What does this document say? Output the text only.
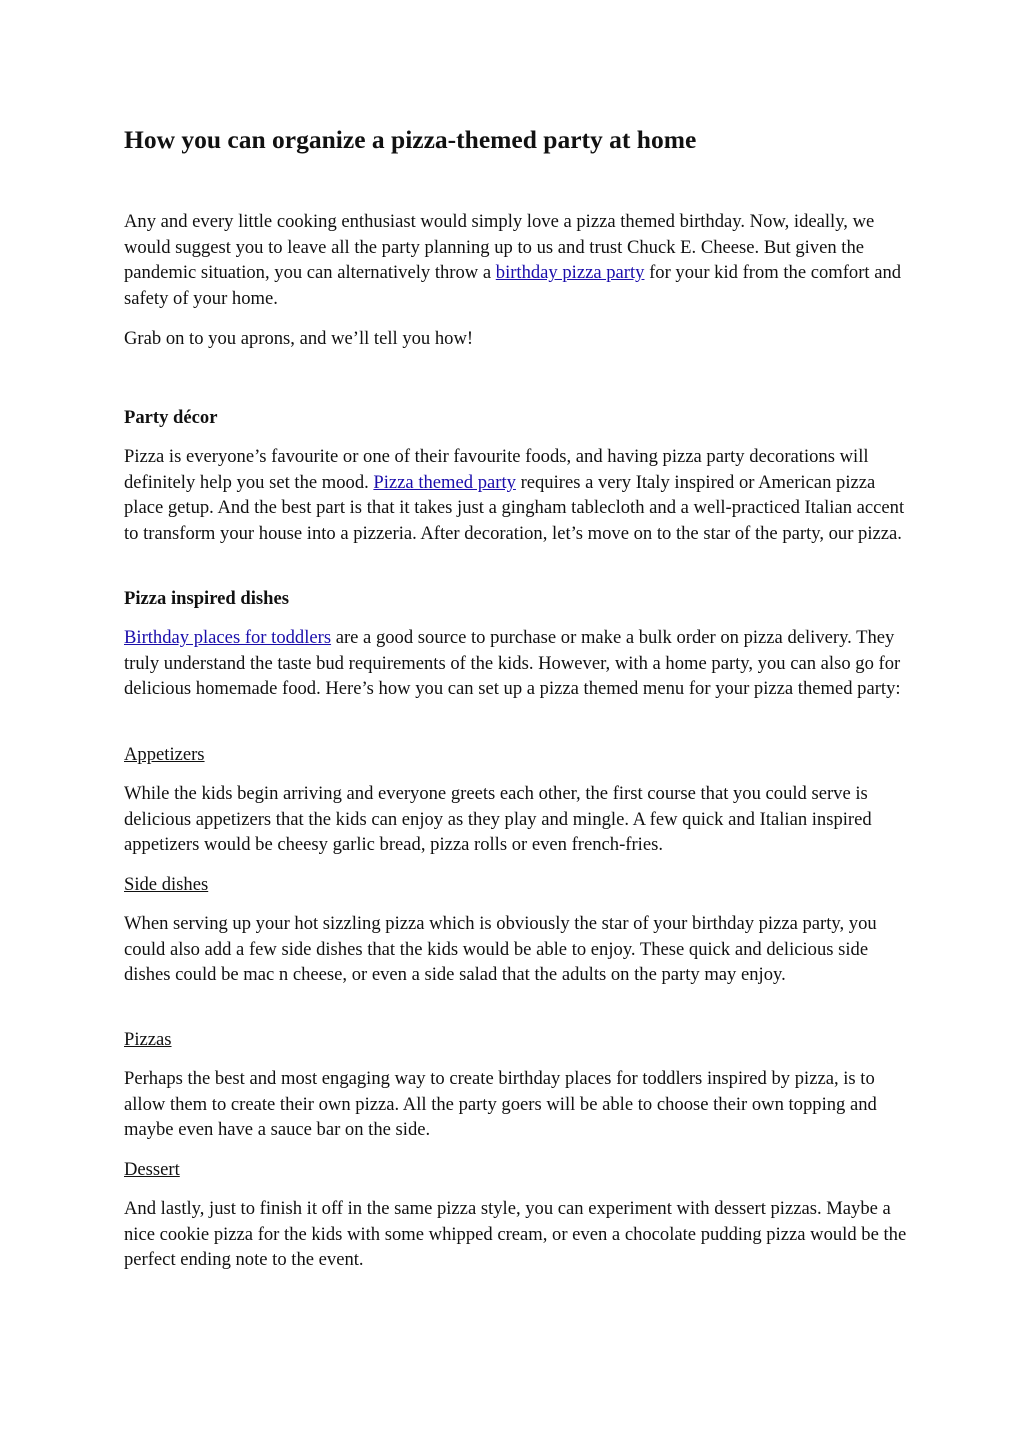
How you can organize a pizza-themed party at home

Any and every little cooking enthusiast would simply love a pizza themed birthday. Now, ideally, we would suggest you to leave all the party planning up to us and trust Chuck E. Cheese. But given the pandemic situation, you can alternatively throw a birthday pizza party for your kid from the comfort and safety of your home.

Grab on to you aprons, and we’ll tell you how!

Party décor

Pizza is everyone’s favourite or one of their favourite foods, and having pizza party decorations will definitely help you set the mood. Pizza themed party requires a very Italy inspired or American pizza place getup. And the best part is that it takes just a gingham tablecloth and a well-practiced Italian accent to transform your house into a pizzeria. After decoration, let’s move on to the star of the party, our pizza.

Pizza inspired dishes

Birthday places for toddlers are a good source to purchase or make a bulk order on pizza delivery. They truly understand the taste bud requirements of the kids. However, with a home party, you can also go for delicious homemade food. Here’s how you can set up a pizza themed menu for your pizza themed party:

Appetizers

While the kids begin arriving and everyone greets each other, the first course that you could serve is delicious appetizers that the kids can enjoy as they play and mingle. A few quick and Italian inspired appetizers would be cheesy garlic bread, pizza rolls or even french-fries.

Side dishes

When serving up your hot sizzling pizza which is obviously the star of your birthday pizza party, you could also add a few side dishes that the kids would be able to enjoy. These quick and delicious side dishes could be mac n cheese, or even a side salad that the adults on the party may enjoy.

Pizzas

Perhaps the best and most engaging way to create birthday places for toddlers inspired by pizza, is to allow them to create their own pizza. All the party goers will be able to choose their own topping and maybe even have a sauce bar on the side.

Dessert

And lastly, just to finish it off in the same pizza style, you can experiment with dessert pizzas. Maybe a nice cookie pizza for the kids with some whipped cream, or even a chocolate pudding pizza would be the perfect ending note to the event.
